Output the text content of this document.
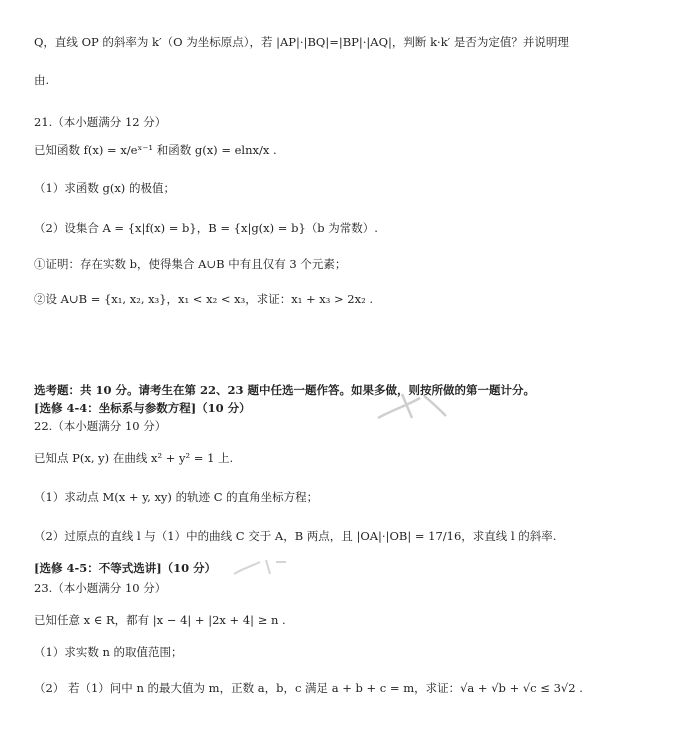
Q，直线 OP 的斜率为 k′（O 为坐标原点），若 |AP|·|BQ|=|BP|·|AQ|，判断 k·k′ 是否为定值？并说明理
由.
21.（本小题满分 12 分）
已知函数 f(x) = x/eˣ⁻¹ 和函数 g(x) = elnx/x .
（1）求函数 g(x) 的极值；
（2）设集合 A = {x|f(x) = b}，B = {x|g(x) = b}（b 为常数）.
①证明：存在实数 b，使得集合 A∪B 中有且仅有 3 个元素；
②设 A∪B = {x₁, x₂, x₃}，x₁ < x₂ < x₃，求证：x₁ + x₃ > 2x₂ .
选考题：共 10 分。请考生在第 22、23 题中任选一题作答。如果多做，则按所做的第一题计分。
[选修 4-4：坐标系与参数方程]（10 分）
22.（本小题满分 10 分）
已知点 P(x, y) 在曲线 x² + y² = 1 上.
（1）求动点 M(x + y, xy) 的轨迹 C 的直角坐标方程；
（2）过原点的直线 l 与（1）中的曲线 C 交于 A，B 两点，且 |OA|·|OB| = 17/16，求直线 l 的斜率.
[选修 4-5：不等式选讲]（10 分）
23.（本小题满分 10 分）
已知任意 x ∈ R，都有 |x − 4| + |2x + 4| ≥ n .
（1）求实数 n 的取值范围；
（2） 若（1）问中 n 的最大值为 m，正数 a，b，c 满足 a + b + c = m，求证：√a + √b + √c ≤ 3√2 .
